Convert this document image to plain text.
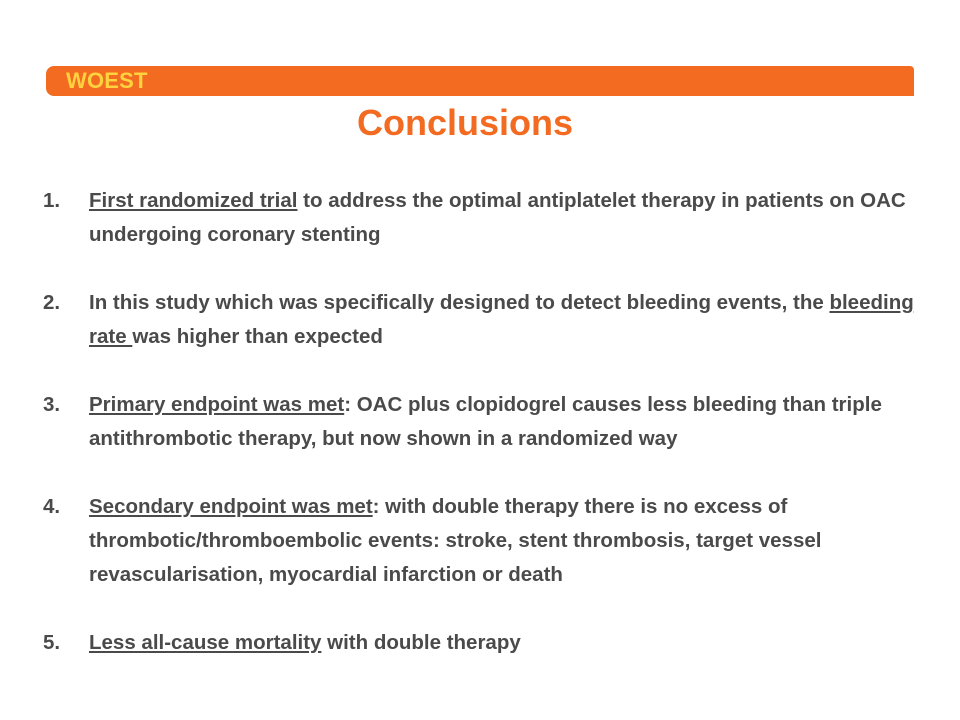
WOEST
Conclusions
1. First randomized trial to address the optimal antiplatelet therapy in patients on OAC undergoing coronary stenting
2. In this study which was specifically designed to detect bleeding events, the bleeding rate was higher than expected
3. Primary endpoint was met: OAC plus clopidogrel causes less bleeding than triple antithrombotic therapy, but now shown in a randomized way
4. Secondary endpoint was met: with double therapy there is no excess of thrombotic/thromboembolic events: stroke, stent thrombosis, target vessel revascularisation, myocardial infarction or death
5. Less all-cause mortality with double therapy
